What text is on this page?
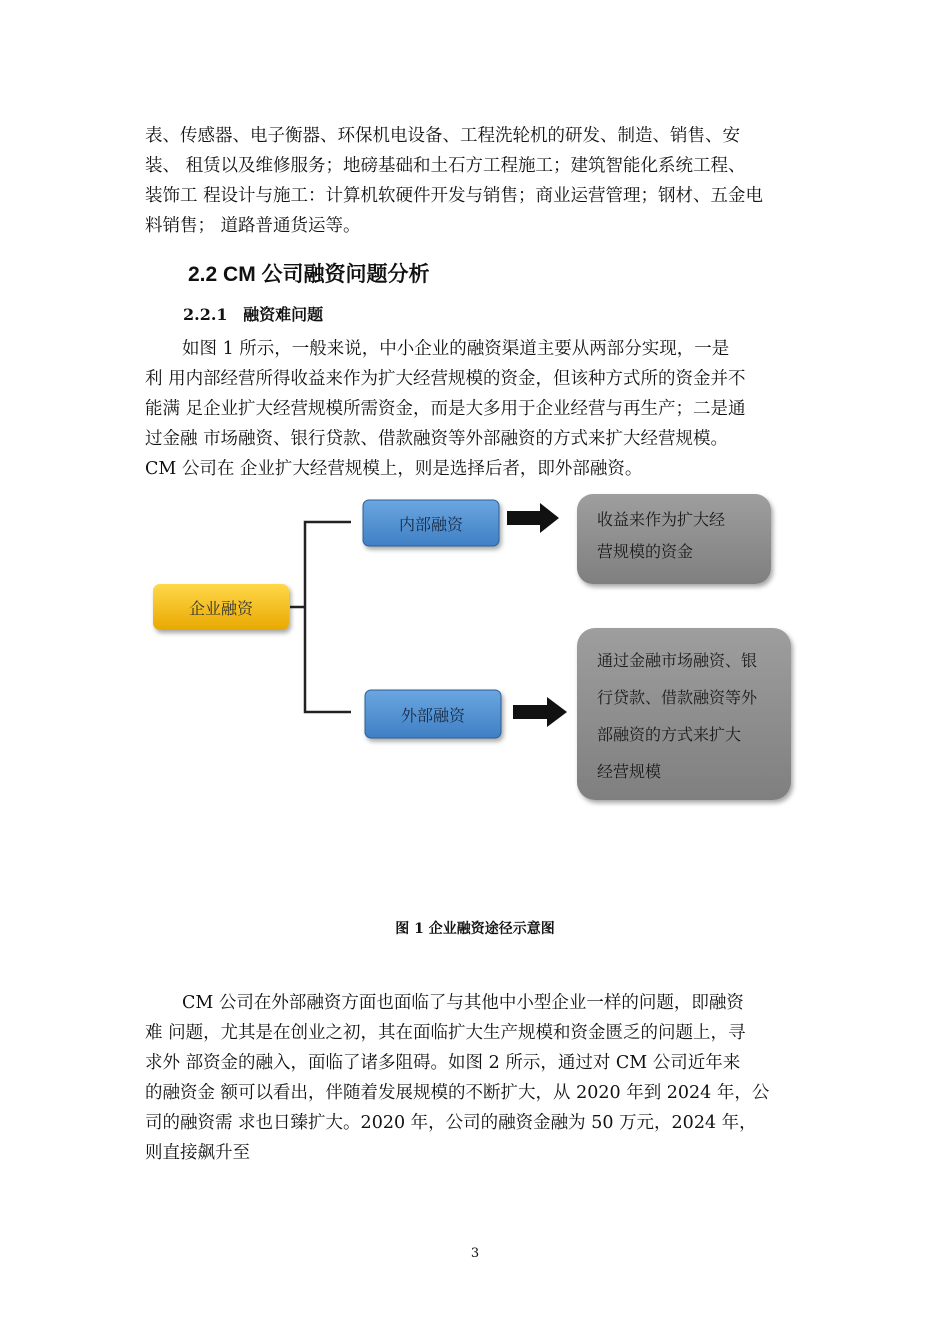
表、传感器、电子衡器、环保机电设备、工程洗轮机的研发、制造、销售、安
装、 租赁以及维修服务；地磅基础和土石方工程施工；建筑智能化系统工程、
装饰工 程设计与施工：计算机软硬件开发与销售；商业运营管理；钢材、五金电
料销售； 道路普通货运等。
2.2 CM 公司融资问题分析
2.2.1 融资难问题
如图 1 所示，一般来说，中小企业的融资渠道主要从两部分实现，一是
利 用内部经营所得收益来作为扩大经营规模的资金，但该种方式所的资金并不
能满 足企业扩大经营规模所需资金，而是大多用于企业经营与再生产；二是通
过金融 市场融资、银行贷款、借款融资等外部融资的方式来扩大经营规模。
CM 公司在 企业扩大经营规模上，则是选择后者，即外部融资。
企业融资
内部融资
外部融资
收益来作为扩大经
营规模的资金
通过金融市场融资、银
行贷款、借款融资等外
部融资的方式来扩大
经营规模
图 1 企业融资途径示意图
CM 公司在外部融资方面也面临了与其他中小型企业一样的问题，即融资
难 问题，尤其是在创业之初，其在面临扩大生产规模和资金匮乏的问题上，寻
求外 部资金的融入，面临了诸多阻碍。如图 2 所示，通过对 CM 公司近年来
的融资金 额可以看出，伴随着发展规模的不断扩大，从 2020 年到 2024 年，公
司的融资需 求也日臻扩大。2020 年，公司的融资金融为 50 万元，2024 年，
则直接飙升至
3
